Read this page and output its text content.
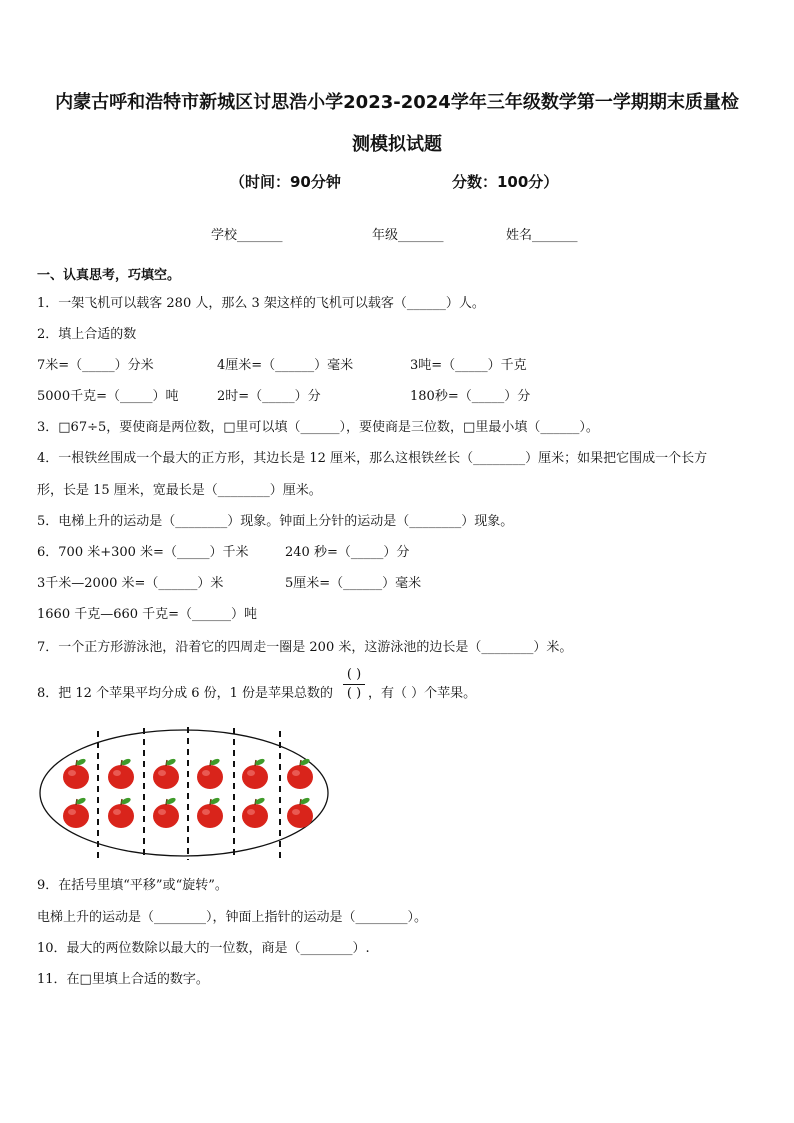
内蒙古呼和浩特市新城区讨思浩小学2023-2024学年三年级数学第一学期期末质量检
测模拟试题
（时间：90分钟	分数：100分）
学校_______	年级_______	姓名_______
一、认真思考，巧填空。
1．一架飞机可以载客 280 人，那么 3 架这样的飞机可以载客（______）人。
2．填上合适的数
7米=（_____）分米	4厘米=（______）毫米	3吨=（_____）千克
5000千克=（_____）吨	2时=（_____）分	180秒=（_____）分
3．□67÷5，要使商是两位数，□里可以填（______），要使商是三位数，□里最小填（______）。
4．一根铁丝围成一个最大的正方形，其边长是 12 厘米，那么这根铁丝长（________）厘米；如果把它围成一个长方
形，长是 15 厘米，宽最长是（________）厘米。
5．电梯上升的运动是（________）现象。钟面上分针的运动是（________）现象。
6．700 米+300 米=（_____）千米	240 秒=（_____）分
3千米—2000 米=（______）米	5厘米=（______）毫米
1660 千克—660 千克=（______）吨
7．一个正方形游泳池，沿着它的四周走一圈是 200 米，这游泳池的边长是（________）米。
8．把 12 个苹果平均分成 6 份，1 份是苹果总数的
( )
( ) ，有（ ）个苹果。
9．在括号里填“平移”或“旋转”。
电梯上升的运动是（________），钟面上指针的运动是（________）。
10．最大的两位数除以最大的一位数，商是（________）.
11．在□里填上合适的数字。
